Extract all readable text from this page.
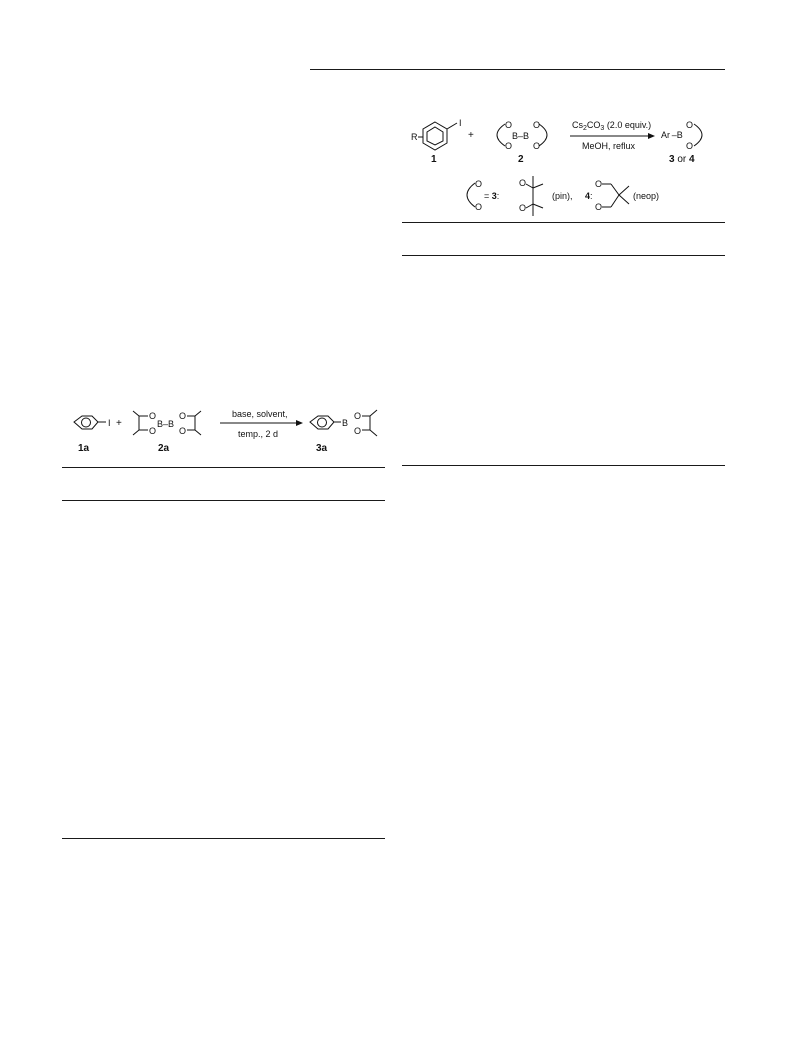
I
R
1
+
O
O
O
O
B–B
2
$Cs_2CO_3$ (2.0 equiv.)
MeOH, reflux
Ar –B
O
O
3 or 4
O
O
= 3:
O
O
(pin), 4:
O
O
(neop)
I
1a
+
O
O
B–B
O
O
2a
base, solvent,
temp., 2 d
B
O
O
3a
